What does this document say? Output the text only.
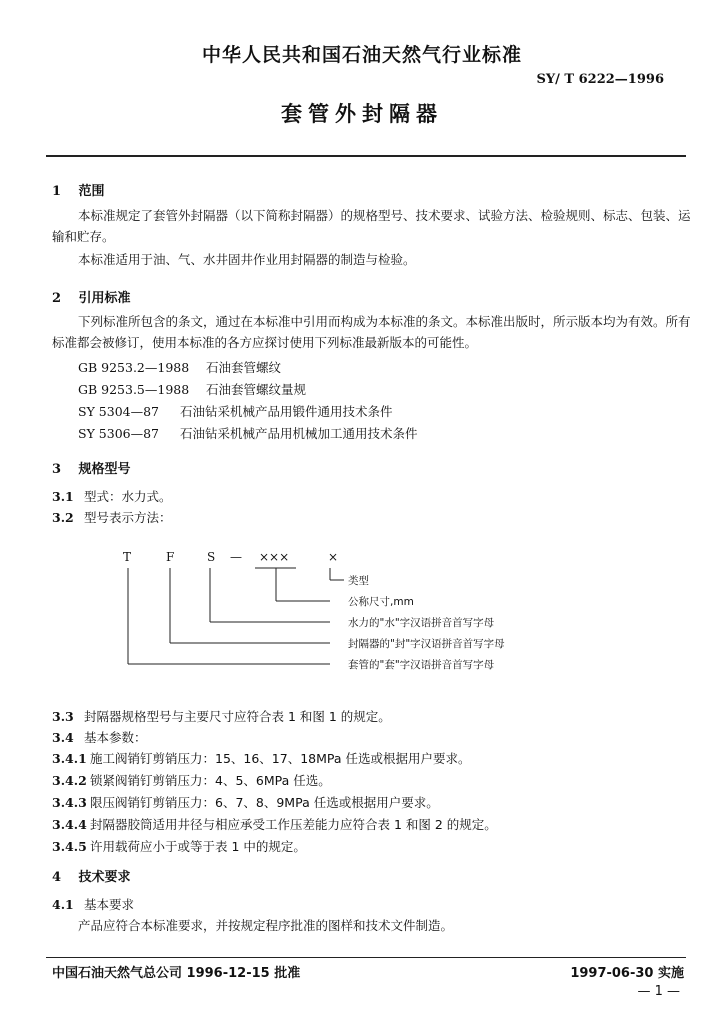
中华人民共和国石油天然气行业标准
SY/ T 6222—1996
套管外封隔器
1 范围
本标准规定了套管外封隔器（以下简称封隔器）的规格型号、技术要求、试验方法、检验规则、标志、包装、运输和贮存。
本标准适用于油、气、水井固井作业用封隔器的制造与检验。
2 引用标准
下列标准所包含的条文，通过在本标准中引用而构成为本标准的条文。本标准出版时，所示版本均为有效。所有标准都会被修订，使用本标准的各方应探讨使用下列标准最新版本的可能性。
GB 9253.2—1988 石油套管螺纹
GB 9253.5—1988 石油套管螺纹量规
SY 5304—87 石油钻采机械产品用锻件通用技术条件
SY 5306—87 石油钻采机械产品用机械加工通用技术条件
3 规格型号
3.1 型式：水力式。
3.2 型号表示方法：
T	F	S — ×××	×
类型
公称尺寸,mm
水力的"水"字汉语拼音首写字母
封隔器的"封"字汉语拼音首写字母
套管的"套"字汉语拼音首写字母
3.3 封隔器规格型号与主要尺寸应符合表 1 和图 1 的规定。
3.4 基本参数：
3.4.1 施工阀销钉剪销压力：15、16、17、18MPa 任选或根据用户要求。
3.4.2 锁紧阀销钉剪销压力：4、5、6MPa 任选。
3.4.3 限压阀销钉剪销压力：6、7、8、9MPa 任选或根据用户要求。
3.4.4 封隔器胶筒适用井径与相应承受工作压差能力应符合表 1 和图 2 的规定。
3.4.5 许用载荷应小于或等于表 1 中的规定。
4 技术要求
4.1 基本要求
产品应符合本标准要求，并按规定程序批准的图样和技术文件制造。
中国石油天然气总公司 1996-12-15 批准	1997-06-30 实施
— 1 —
